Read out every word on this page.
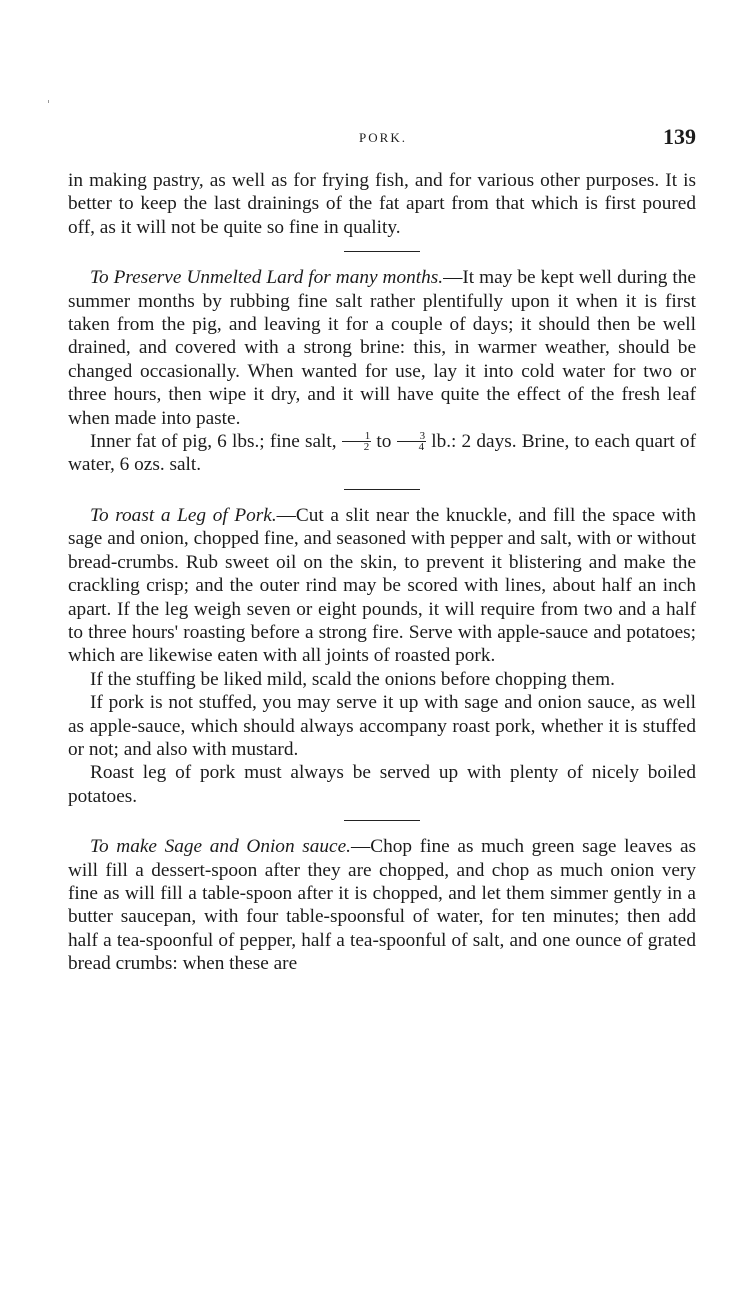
PORK.	139

in making pastry, as well as for frying fish, and for various other purposes. It is better to keep the last drainings of the fat apart from that which is first poured off, as it will not be quite so fine in quality.

To Preserve Unmelted Lard for many months.—It may be kept well during the summer months by rubbing fine salt rather plentifully upon it when it is first taken from the pig, and leaving it for a couple of days; it should then be well drained, and covered with a strong brine: this, in warmer weather, should be changed occasionally. When wanted for use, lay it into cold water for two or three hours, then wipe it dry, and it will have quite the effect of the fresh leaf when made into paste.

Inner fat of pig, 6 lbs.; fine salt, $\frac{1}{2}$ to $\frac{3}{4}$ lb.: 2 days. Brine, to each quart of water, 6 ozs. salt.

To roast a Leg of Pork.—Cut a slit near the knuckle, and fill the space with sage and onion, chopped fine, and seasoned with pepper and salt, with or without bread-crumbs. Rub sweet oil on the skin, to prevent it blistering and make the crackling crisp; and the outer rind may be scored with lines, about half an inch apart. If the leg weigh seven or eight pounds, it will require from two and a half to three hours' roasting before a strong fire. Serve with apple-sauce and potatoes; which are likewise eaten with all joints of roasted pork.

If the stuffing be liked mild, scald the onions before chopping them.

If pork is not stuffed, you may serve it up with sage and onion sauce, as well as apple-sauce, which should always accompany roast pork, whether it is stuffed or not; and also with mustard.

Roast leg of pork must always be served up with plenty of nicely boiled potatoes.

To make Sage and Onion sauce.—Chop fine as much green sage leaves as will fill a dessert-spoon after they are chopped, and chop as much onion very fine as will fill a table-spoon after it is chopped, and let them simmer gently in a butter saucepan, with four table-spoonsful of water, for ten minutes; then add half a tea-spoonful of pepper, half a tea-spoonful of salt, and one ounce of grated bread crumbs: when these are
